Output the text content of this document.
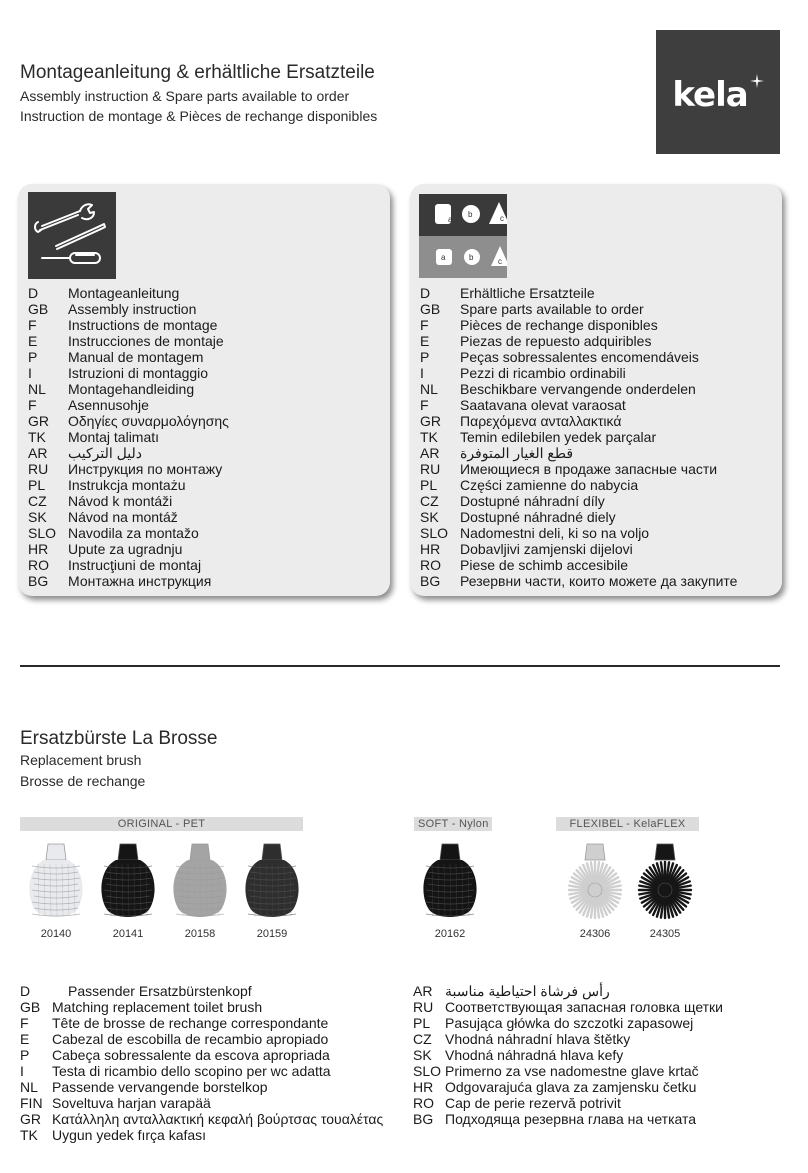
Montageanleitung & erhältliche Ersatzteile
Assembly instruction & Spare parts available to order
Instruction de montage & Pièces de rechange disponibles
kela
D	Montageanleitung
GB	Assembly instruction
F	Instructions de montage
E	Instrucciones de montaje
P	Manual de montagem
I	Istruzioni di montaggio
NL	Montagehandleiding
F	Asennusohje
GR	Οδηγίες συναρμολόγησης
TK	Montaj talimatı
AR	دليل التركيب
RU	Инструкция по монтажу
PL	Instrukcja montażu
CZ	Návod k montáži
SK	Návod na montáž
SLO Navodila za montažo
HR	Upute za ugradnju
RO	Instrucţiuni de montaj
BG	Монтажна инструкция
a
b	c
a	b	c
D	Erhältliche Ersatzteile
GB	Spare parts available to order
F	Pièces de rechange disponibles
E	Piezas de repuesto adquiribles
P	Peças sobressalentes encomendáveis
I	Pezzi di ricambio ordinabili
NL	Beschikbare vervangende onderdelen
F	Saatavana olevat varaosat
GR	Παρεχόμενα ανταλλακτικά
TK	Temin edilebilen yedek parçalar
AR	قطع الغيار المتوفرة
RU	Имеющиеся в продаже запасные части
PL	Części zamienne do nabycia
CZ	Dostupné náhradní díly
SK	Dostupné náhradné diely
SLO Nadomestni deli, ki so na voljo
HR	Dobavljivi zamjenski dijelovi
RO	Piese de schimb accesibile
BG	Резервни части, които можете да закупите
Ersatzbürste La Brosse
Replacement brush
Brosse de rechange
ORIGINAL - PET	SOFT - Nylon	FLEXIBEL - KelaFLEX
20140	20141	20158	20159	20162	24306	24305
D	Passender Ersatzbürstenkopf
GB Matching replacement toilet brush
F	Tête de brosse de rechange correspondante
E	Cabezal de escobilla de recambio apropiado
P	Cabeça sobressalente da escova apropriada
I	Testa di ricambio dello scopino per wc adatta
NL	Passende vervangende borstelkop
FIN Soveltuva harjan varapää
GR Κατάλληλη ανταλλακτική κεφαλή βούρτσας τουαλέτας
TK	Uygun yedek fırça kafası
AR رأس فرشاة احتياطية مناسبة
RU Соответствующая запасная головка щетки
PL	Pasująca główka do szczotki zapasowej
CZ Vhodná náhradní hlava štětky
SK Vhodná náhradná hlava kefy
SLO Primerno za vse nadomestne glave krtač
HR Odgovarajuća glava za zamjensku četku
RO Cap de perie rezervă potrivit
BG Подходяща резервна глава на четката
